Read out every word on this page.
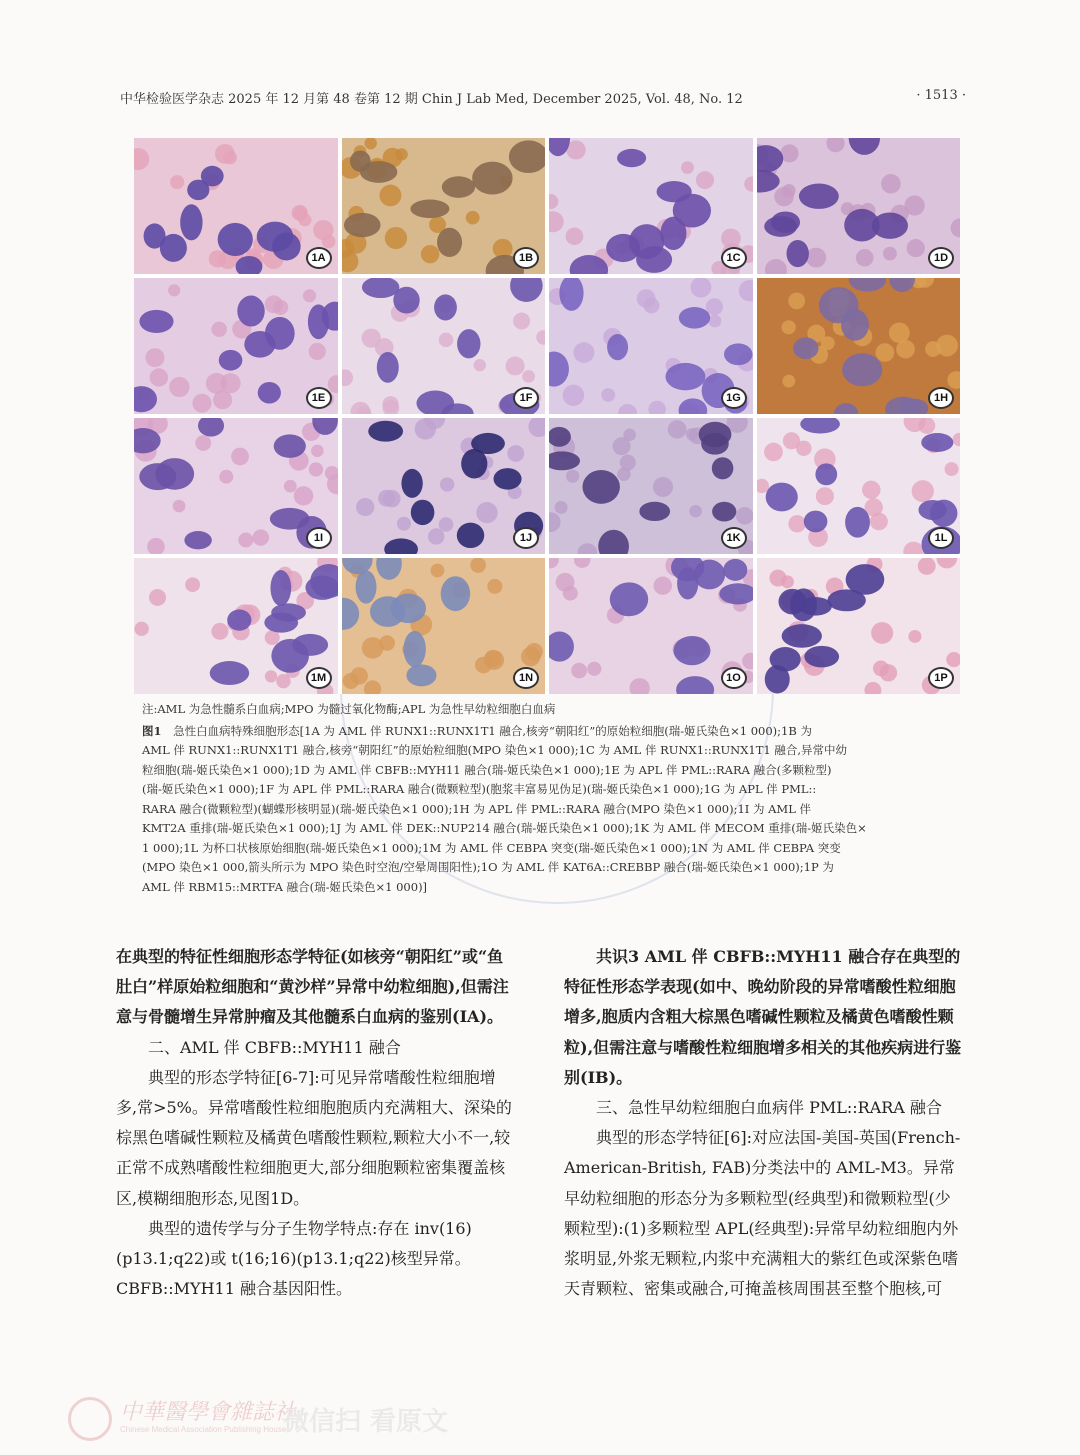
中华检验医学杂志 2025 年 12 月第 48 卷第 12 期 Chin J Lab Med, December 2025, Vol. 48, No. 12	· 1513 ·
1A	1B	1C	1D
1E	1F	1G	1H
1I	1J	1K	1L
1M	1N	1O	1P
注:AML 为急性髓系白血病;MPO 为髓过氧化物酶;APL 为急性早幼粒细胞白血病
图1 急性白血病特殊细胞形态[1A 为 AML 伴 RUNX1::RUNX1T1 融合,核旁“朝阳红”的原始粒细胞(瑞-姬氏染色×1 000);1B 为
AML 伴 RUNX1::RUNX1T1 融合,核旁“朝阳红”的原始粒细胞(MPO 染色×1 000);1C 为 AML 伴 RUNX1::RUNX1T1 融合,异常中幼
粒细胞(瑞-姬氏染色×1 000);1D 为 AML 伴 CBFB::MYH11 融合(瑞-姬氏染色×1 000);1E 为 APL 伴 PML::RARA 融合(多颗粒型)
(瑞-姬氏染色×1 000);1F 为 APL 伴 PML::RARA 融合(微颗粒型)(胞浆丰富易见伪足)(瑞-姬氏染色×1 000);1G 为 APL 伴 PML::
RARA 融合(微颗粒型)(蝴蝶形核明显)(瑞-姬氏染色×1 000);1H 为 APL 伴 PML::RARA 融合(MPO 染色×1 000);1I 为 AML 伴
KMT2A 重排(瑞-姬氏染色×1 000);1J 为 AML 伴 DEK::NUP214 融合(瑞-姬氏染色×1 000);1K 为 AML 伴 MECOM 重排(瑞-姬氏染色×
1 000);1L 为杯口状核原始细胞(瑞-姬氏染色×1 000);1M 为 AML 伴 CEBPA 突变(瑞-姬氏染色×1 000);1N 为 AML 伴 CEBPA 突变
(MPO 染色×1 000,箭头所示为 MPO 染色时空泡/空晕周围阳性);1O 为 AML 伴 KAT6A::CREBBP 融合(瑞-姬氏染色×1 000);1P 为
AML 伴 RBM15::MRTFA 融合(瑞-姬氏染色×1 000)]

在典型的特征性细胞形态学特征(如核旁“朝阳红”或“鱼肚白”样原始粒细胞和“黄沙样”异常中幼粒细胞),但需注意与骨髓增生异常肿瘤及其他髓系白血病的鉴别(ⅠA)。

二、AML 伴 CBFB::MYH11 融合

典型的形态学特征[6-7]:可见异常嗜酸性粒细胞增多,常>5%。异常嗜酸性粒细胞胞质内充满粗大、深染的棕黑色嗜碱性颗粒及橘黄色嗜酸性颗粒,颗粒大小不一,较正常不成熟嗜酸性粒细胞更大,部分细胞颗粒密集覆盖核区,模糊细胞形态,见图1D。

典型的遗传学与分子生物学特点:存在 inv(16)(p13.1;q22)或 t(16;16)(p13.1;q22)核型异常。CBFB::MYH11 融合基因阳性。

共识3 AML 伴 CBFB::MYH11 融合存在典型的特征性形态学表现(如中、晚幼阶段的异常嗜酸性粒细胞增多,胞质内含粗大棕黑色嗜碱性颗粒及橘黄色嗜酸性颗粒),但需注意与嗜酸性粒细胞增多相关的其他疾病进行鉴别(ⅠB)。

三、急性早幼粒细胞白血病伴 PML::RARA 融合

典型的形态学特征[6]:对应法国-美国-英国(French-American-British, FAB)分类法中的 AML-M3。异常早幼粒细胞的形态分为多颗粒型(经典型)和微颗粒型(少颗粒型):(1)多颗粒型 APL(经典型):异常早幼粒细胞内外浆明显,外浆无颗粒,内浆中充满粗大的紫红色或深紫色嗜天青颗粒、密集或融合,可掩盖核周围甚至整个胞核,可

中華醫學會雜誌社
Chinese Medical Association Publishing House
微信扫 看原文
